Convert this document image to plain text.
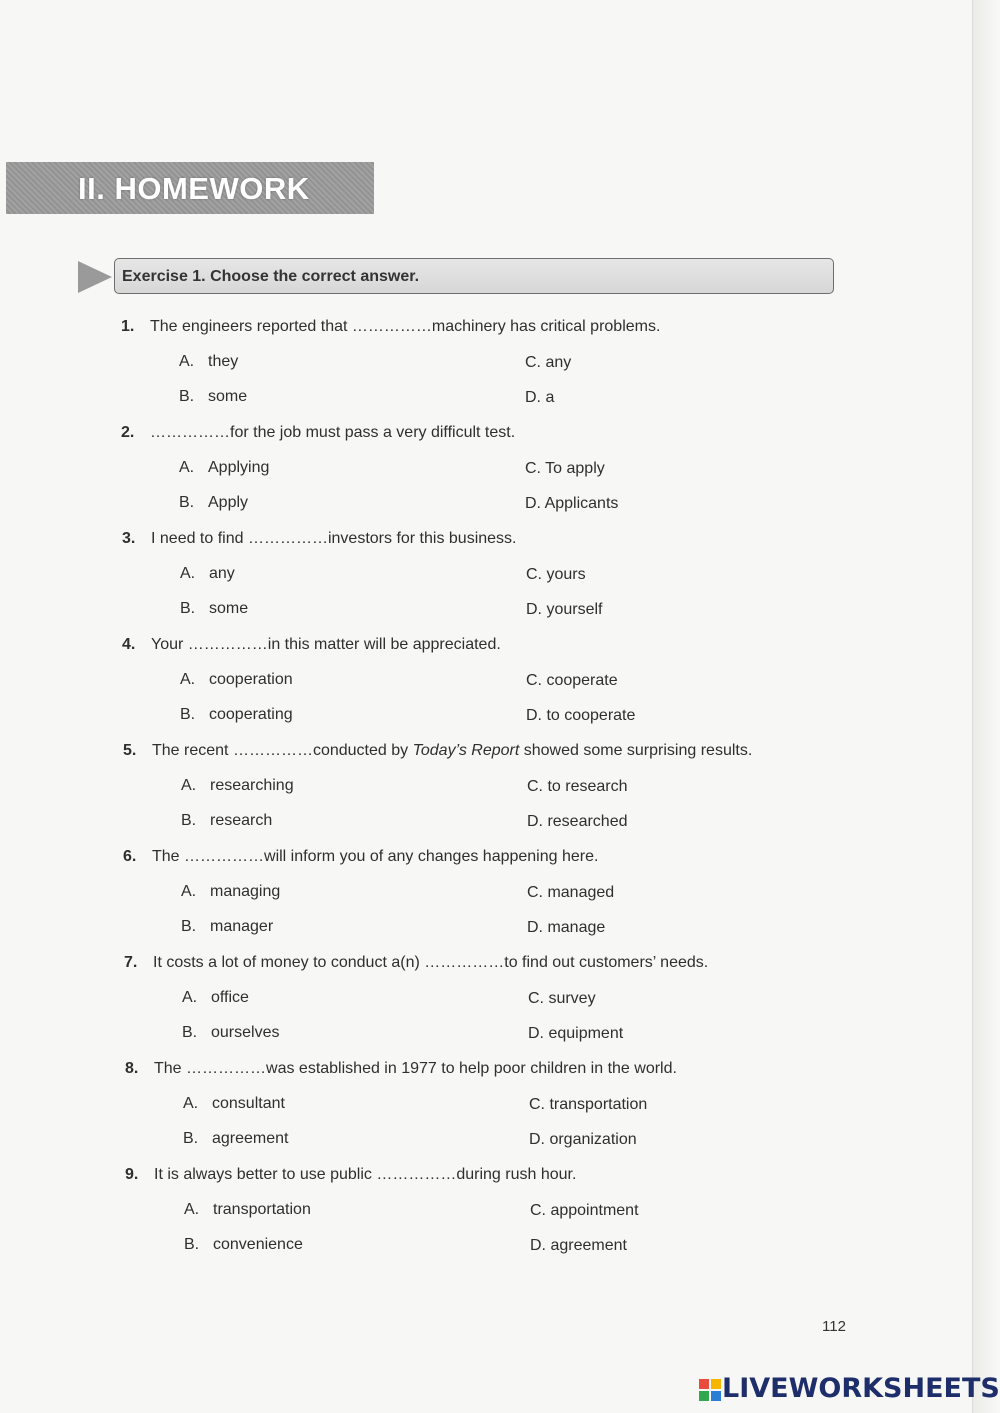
II. HOMEWORK
Exercise 1. Choose the correct answer.
1. The engineers reported that ……………machinery has critical problems.
A. they
B. some
C. any
D. a
2. ……………for the job must pass a very difficult test.
A. Applying
B. Apply
C. To apply
D. Applicants
3. I need to find ……………investors for this business.
A. any
B. some
C. yours
D. yourself
4. Your ……………in this matter will be appreciated.
A. cooperation
B. cooperating
C. cooperate
D. to cooperate
5. The recent ……………conducted by Today’s Report showed some surprising results.
A. researching
B. research
C. to research
D. researched
6. The ……………will inform you of any changes happening here.
A. managing
B. manager
C. managed
D. manage
7. It costs a lot of money to conduct a(n) ……………to find out customers’ needs.
A. office
B. ourselves
C. survey
D. equipment
8. The ……………was established in 1977 to help poor children in the world.
A. consultant
B. agreement
C. transportation
D. organization
9. It is always better to use public ……………during rush hour.
A. transportation
B. convenience
C. appointment
D. agreement
112
LIVEWORKSHEETS
